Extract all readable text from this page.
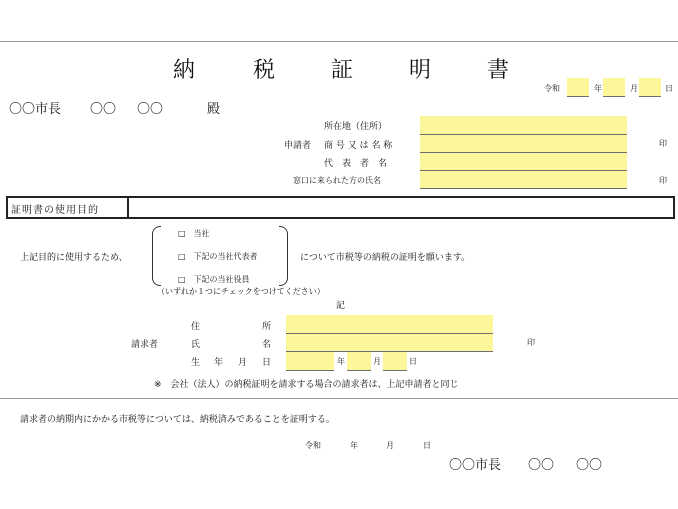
納	税	証	明	書
令和	年	月	日
〇〇市長 〇〇 〇〇	殿
所在地（住所）
申請者 商 号 又 は 名 称
代　表　者　名
窓口に来られた方の氏名
印
印
証明書の使用目的
上記目的に使用するため、
□　当社
□　下記の当社代表者
□　下記の当社役員
について市税等の納税の証明を願います。
（いずれか１つにチェックをつけてください）
記
請求者
住	所
氏	名
生 年 月 日	年	月	日
印
※　会社（法人）の納税証明を請求する場合の請求者は、上記申請者と同じ
請求者の納期内にかかる市税等については、納税済みであることを証明する。
令和	年	月	日
〇〇市長 〇〇 〇〇
